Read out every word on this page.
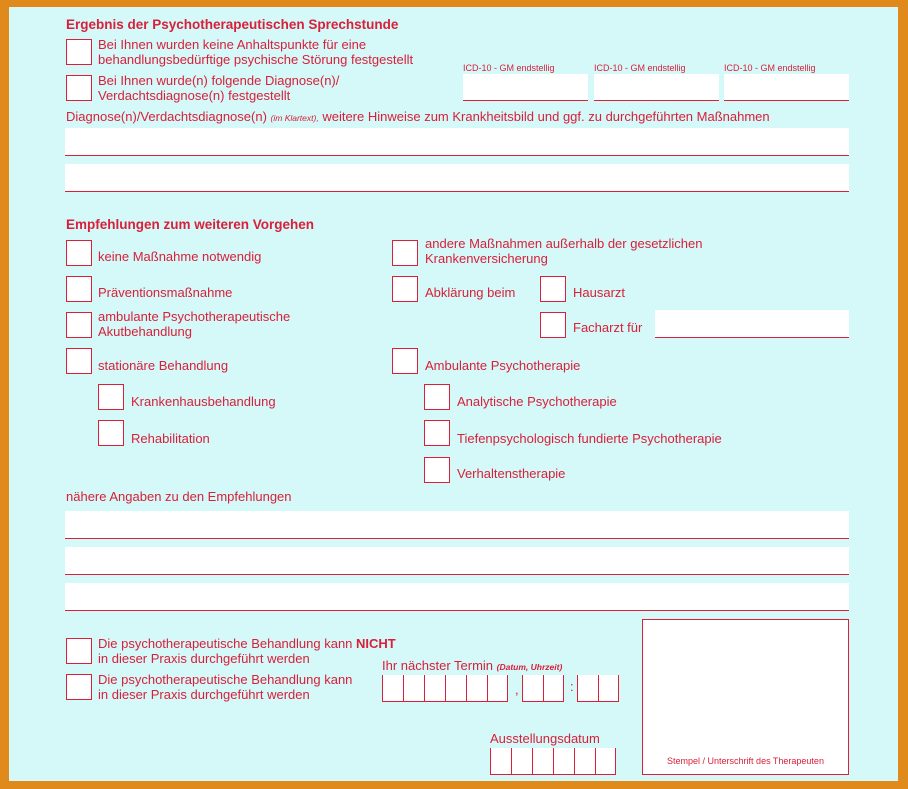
Ergebnis der Psychotherapeutischen Sprechstunde
Bei Ihnen wurden keine Anhaltspunkte für eine
behandlungsbedürftige psychische Störung festgestellt
Bei Ihnen wurde(n) folgende Diagnose(n)/
Verdachtsdiagnose(n) festgestellt
ICD-10 - GM endstellig	ICD-10 - GM endstellig	ICD-10 - GM endstellig
Diagnose(n)/Verdachtsdiagnose(n) (im Klartext), weitere Hinweise zum Krankheitsbild und ggf. zu durchgeführten Maßnahmen
Empfehlungen zum weiteren Vorgehen
keine Maßnahme notwendig
andere Maßnahmen außerhalb der gesetzlichen
Krankenversicherung
Präventionsmaßnahme	Abklärung beim	Hausarzt
ambulante Psychotherapeutische
Akutbehandlung	Facharzt für
stationäre Behandlung	Ambulante Psychotherapie
Krankenhausbehandlung	Analytische Psychotherapie
Rehabilitation	Tiefenpsychologisch fundierte Psychotherapie
Verhaltenstherapie
nähere Angaben zu den Empfehlungen
Die psychotherapeutische Behandlung kann NICHT
in dieser Praxis durchgeführt werden
Die psychotherapeutische Behandlung kann
in dieser Praxis durchgeführt werden
Ihr nächster Termin (Datum, Uhrzeit)
,	:
Ausstellungsdatum
Stempel / Unterschrift des Therapeuten
